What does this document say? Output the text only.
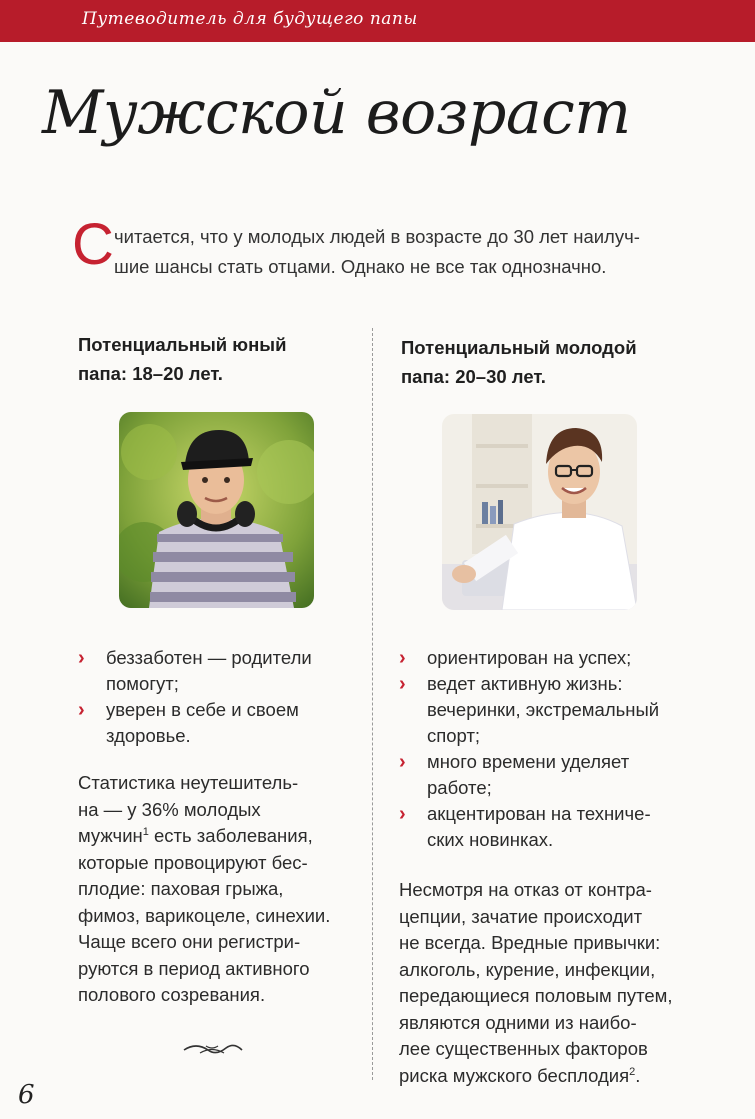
Путеводитель для будущего папы
Мужской возраст
С читается, что у молодых людей в возрасте до 30 лет наилуч-
шие шансы стать отцами. Однако не все так однозначно.

Потенциальный юный
папа: 18–20 лет.
› беззаботен — родители
помогут;
› уверен в себе и своем
здоровье.
Статистика неутешитель-
на — у 36% молодых
мужчин$^1$ есть заболевания,
которые провоцируют бес-
плодие: паховая грыжа,
фимоз, варикоцеле, синехии.
Чаще всего они регистри-
руются в период активного
полового созревания.
Потенциальный молодой
папа: 20–30 лет.
› ориентирован на успех;
› ведет активную жизнь:
вечеринки, экстремальный
спорт;
› много времени уделяет
работе;
› акцентирован на техниче-
ских новинках.
Несмотря на отказ от контра-
цепции, зачатие происходит
не всегда. Вредные привычки:
алкоголь, курение, инфекции,
передающиеся половым путем,
являются одними из наибо-
лее существенных факторов
риска мужского бесплодия$^2$.
6
